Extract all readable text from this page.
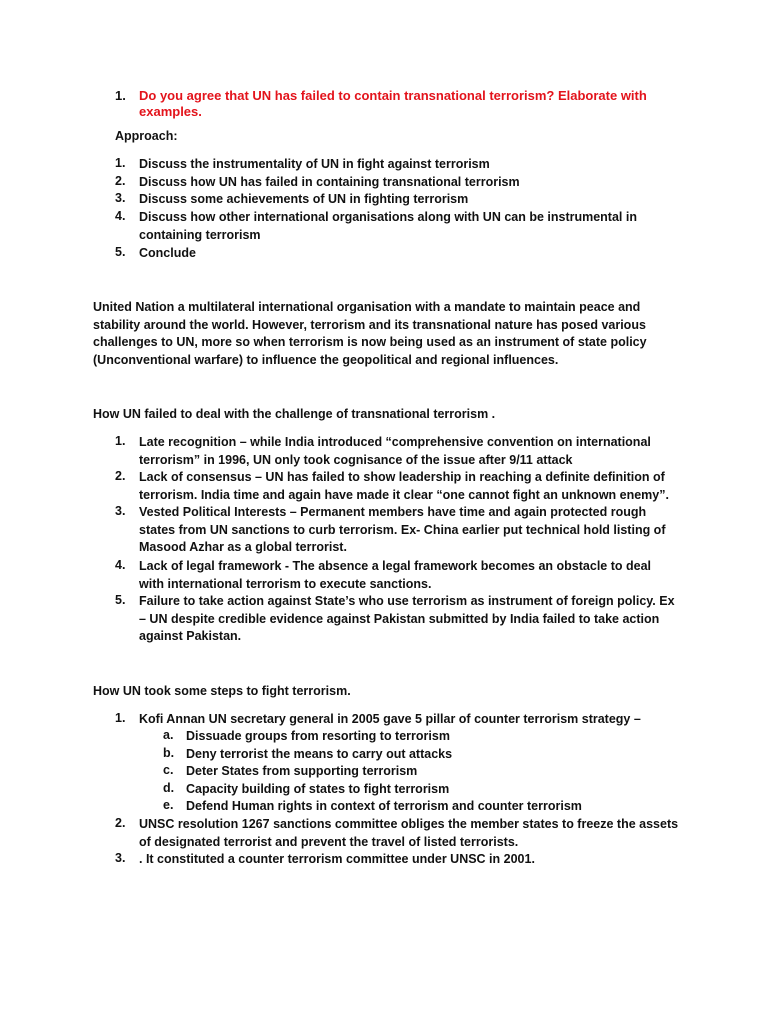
1. Do you agree that UN has failed to contain transnational terrorism? Elaborate with examples.
Approach:
1. Discuss the instrumentality of UN in fight against terrorism
2. Discuss how UN has failed in containing transnational terrorism
3. Discuss some achievements of UN in fighting terrorism
4. Discuss how other international organisations along with UN can be instrumental in containing terrorism
5. Conclude
United Nation a multilateral international organisation with a mandate to maintain peace and stability around the world. However, terrorism and its transnational nature has posed various challenges to UN, more so when terrorism is now being used as an instrument of state policy (Unconventional warfare) to influence the geopolitical and regional influences.
How UN failed to deal with the challenge of transnational terrorism .
1. Late recognition – while India introduced “comprehensive convention on international terrorism” in 1996, UN only took cognisance of the issue after 9/11 attack
2. Lack of consensus – UN has failed to show leadership in reaching a definite definition of terrorism. India time and again have made it clear “one cannot fight an unknown enemy”.
3. Vested Political Interests – Permanent members have time and again protected rough states from UN sanctions to curb terrorism. Ex- China earlier put technical hold listing of Masood Azhar as a global terrorist.
4. Lack of legal framework - The absence a legal framework becomes an obstacle to deal with international terrorism to execute sanctions.
5. Failure to take action against State’s who use terrorism as instrument of foreign policy. Ex – UN despite credible evidence against Pakistan submitted by India failed to take action against Pakistan.
How UN took some steps to fight terrorism.
1. Kofi Annan UN secretary general in 2005 gave 5 pillar of counter terrorism strategy –
a. Dissuade groups from resorting to terrorism
b. Deny terrorist the means to carry out attacks
c. Deter States from supporting terrorism
d. Capacity building of states to fight terrorism
e. Defend Human rights in context of terrorism and counter terrorism
2. UNSC resolution 1267 sanctions committee obliges the member states to freeze the assets of designated terrorist and prevent the travel of listed terrorists.
3. . It constituted a counter terrorism committee under UNSC in 2001.
